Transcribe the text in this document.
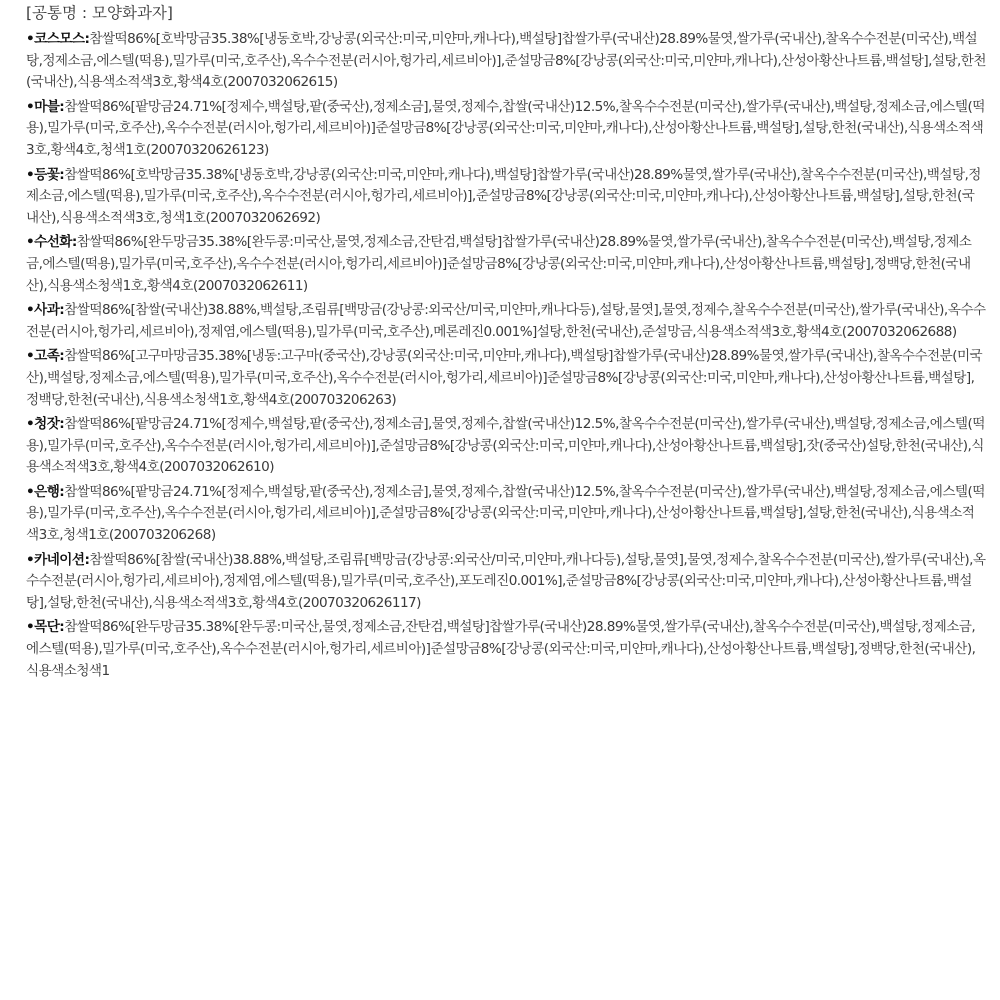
[공통명 : 모양화과자]
•코스모스:참쌀떡86%[호박망금35.38%[냉동호박,강낭콩(외국산:미국,미얀마,캐나다),백설탕]찹쌀가루(국내산)28.89%물엿,쌀가루(국내산),찰옥수수전분(미국산),백설탕,정제소금,에스텔(떡용),밀가루(미국,호주산),옥수수전분(러시아,헝가리,세르비아)],준설망금8%[강낭콩(외국산:미국,미얀마,캐나다),산성아황산나트륨,백설탕],설탕,한천(국내산),식용색소적색3호,황색4호(2007032062615)
•마블:참쌀떡86%[팥망금24.71%[정제수,백설탕,팥(중국산),정제소금],물엿,정제수,찹쌀(국내산)12.5%,찰옥수수전분(미국산),쌀가루(국내산),백설탕,정제소금,에스텔(떡용),밀가루(미국,호주산),옥수수전분(러시아,헝가리,세르비아)]준설망금8%[강낭콩(외국산:미국,미얀마,캐나다),산성아황산나트륨,백설탕],설탕,한천(국내산),식용색소적색3호,황색4호,청색1호(2007032062612​3)
•등꽃:참쌀떡86%[호박망금35.38%[냉동호박,강낭콩(외국산:미국,미얀마,캐나다),백설탕]찹쌀가루(국내산)28.89%물엿,쌀가루(국내산),찰옥수수전분(미국산),백설탕,정제소금,에스텔(떡용),밀가루(미국,호주산),옥수수전분(러시아,헝가리,세르비아)],준설망금8%[강낭콩(외국산:미국,미얀마,캐나다),산성아황산나트륨,백설탕],설탕,한천(국내산),식용색소적색3호,청색1호(2007032062692)
•수선화:참쌀떡86%[완두망금35.38%[완두콩:미국산,물엿,정제소금,잔탄검,백설탕]찹쌀가루(국내산)28.89%물엿,쌀가루(국내산),찰옥수수전분(미국산),백설탕,정제소금,에스텔(떡용),밀가루(미국,호주산),옥수수전분(러시아,헝가리,세르비아)]준설망금8%[강낭콩(외국산:미국,미얀마,캐나다),산성아황산나트륨,백설탕],정백당,한천(국내산),식용색소청색1호,황색4호(2007032062611)
•사과:참쌀떡86%[참쌀(국내산)38.88%,백설탕,조림류[백망금(강낭콩:외국산/미국,미얀마,캐나다등),설탕,물엿],물엿,정제수,찰옥수수전분(미국산),쌀가루(국내산),옥수수전분(러시아,헝가리,세르비아),정제염,에스텔(떡용),밀가루(미국,호주산),메론레진0.001%]설탕,한천(국내산),준설망금,식용색소적색3호,황색4호(2007032062688)
•고족:참쌀떡86%[고구마망금35.38%[냉동:고구마(중국산),강낭콩(외국산:미국,미얀마,캐나다),백설탕]찹쌀가루(국내산)28.89%물엿,쌀가루(국내산),찰옥수수전분(미국산),백설탕,정제소금,에스텔(떡용),밀가루(미국,호주산),옥수수전분(러시아,헝가리,세르비아)]준설망금8%[강낭콩(외국산:미국,미얀마,캐나다),산성아황산나트륨,백설탕],정백당,한천(국내산),식용색소청색1호,황색4호(200703206263)
•청잣:참쌀떡86%[팥망금24.71%[정제수,백설탕,팥(중국산),정제소금],물엿,정제수,찹쌀(국내산)12.5%,찰옥수수전분(미국산),쌀가루(국내산),백설탕,정제소금,에스텔(떡용),밀가루(미국,호주산),옥수수전분(러시아,헝가리,세르비아)],준설망금8%[강낭콩(외국산:미국,미얀마,캐나다),산성아황산나트륨,백설탕],잣(중국산)설탕,한천(국내산),식용색소적색3호,황색4호(2007032062610)
•은행:참쌀떡86%[팥망금24.71%[정제수,백설탕,팥(중국산),정제소금],물엿,정제수,찹쌀(국내산)12.5%,찰옥수수전분(미국산),쌀가루(국내산),백설탕,정제소금,에스텔(떡용),밀가루(미국,호주산),옥수수전분(러시아,헝가리,세르비아)],준설망금8%[강낭콩(외국산:미국,미얀마,캐나다),산성아황산나트륨,백설탕],설탕,한천(국내산),식용색소적색3호,청색1호(200703206268)
•카네이션:참쌀떡86%[참쌀(국내산)38.88%,백설탕,조림류[백망금(강낭콩:외국산/미국,미얀마,캐나다등),설탕,물엿],물엿,정제수,찰옥수수전분(미국산),쌀가루(국내산),옥수수전분(러시아,헝가리,세르비아),정제염,에스텔(떡용),밀가루(미국,호주산),포도레진0.001%],준설망금8%[강낭콩(외국산:미국,미얀마,캐나다),산성아황산나트륨,백설탕],설탕,한천(국내산),식용색소적색3호,황색4호(2007032062611​7)
•목단:참쌀떡86%[완두망금35.38%[완두콩:미국산,물엿,정제소금,잔탄검,백설탕]찹쌀가루(국내산)28.89%물엿,쌀가루(국내산),찰옥수수전분(미국산),백설탕,정제소금,에스텔(떡용),밀가루(미국,호주산),옥수수전분(러시아,헝가리,세르비아)]준설망금8%[강낭콩(외국산:미국,미얀마,캐나다),산성아황산나트륨,백설탕],정백당,한천(국내산),식용색소청색1
